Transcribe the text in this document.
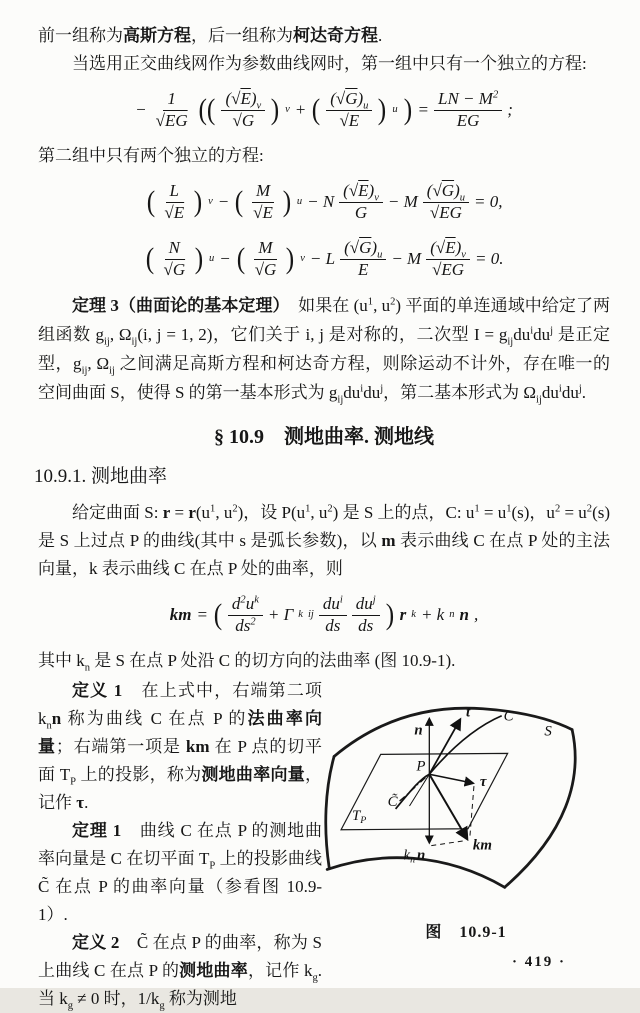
前一组称为高斯方程，后一组称为柯达奇方程.

当选用正交曲线网作为参数曲线网时，第一组中只有一个独立的方程:

− $\frac{1}{√EG}$ (( $\frac{(√E)_v}{√G}$ ) v + ( $\frac{(√G)_u}{√E}$ ) u ) = $\frac{LN - M^2}{EG}$ ;

第二组中只有两个独立的方程:

( $\frac{L}{√E}$ ) v − ( $\frac{M}{√E}$ ) u − N $\frac{(√E)_v}{G} - M \frac{(√G)_u}{√EG} = 0$,
( $\frac{N}{√G}$ ) u − ( $\frac{M}{√G}$ ) v − L $\frac{(√G)_u}{E} - M \frac{(√E)_v}{√EG} = 0$.

定理 3（曲面论的基本定理）　如果在 ($u^1$, $u^2$) 平面的单连通域中给定了两组函数 $g_{ij}$, $\Omega_{ij}(i$, j = 1, 2)，它们关于 i, j 是对称的，二次型 $I = g_{ij}du^idu^j$ 是正定型，$g_{ij}$, $\Omega_{ij}$ 之间满足高斯方程和柯达奇方程，则除运动不计外，存在唯一的空间曲面 S，使得 S 的第一基本形式为 $g_{ij}du^idu^j$，第二基本形式为 $\Omega_{ij}du^idu^j$.

§ 10.9　测地曲率. 测地线
10.9.1. 测地曲率

给定曲面 S: $r = r(u^1$, $u^2$)，设 $P(u^1$, $u^2$) 是 S 上的点，C: $u^1 = u^1(s)$，$u^2 = u^2(s)$ 是 S 上过点 P 的曲线(其中 s 是弧长参数)，以 m 表示曲线 C 在点 P 处的主法向量，k 表示曲线 C 在点 P 处的曲率，则

km = ( $\frac{d^2u^k}{ds^2} + \Gamma$ k ij $\frac{du^i}{ds} \frac{du^j}{ds}$ ) r k + k n n ,

其中 $k_n$ 是 S 在点 P 处沿 C 的切方向的法曲率 (图 10.9-1).

定义 1　在上式中，右端第二项 $k_nn$ 称为曲线 C 在点 P 的法曲率向量；右端第一项是 km 在 P 点的切平面 $T_P$ 上的投影，称为测地曲率向量，记作 τ.

定理 1　曲线 C 在点 P 的测地曲率向量是 C 在切平面 $T_P$ 上的投影曲线 C̃ 在点 P 的曲率向量（参看图 10.9-1）.

定义 2　C̃ 在点 P 的曲率，称为 S 上曲线 C 在点 P 的测地曲率，记作 $k_g$. 当 $k_g \ne 0$ 时，$1/k_g$ 称为测地

n
t C
S
P
$T_P$
τ
C̃
km
$k_n$ n
图　10.9-1
· 419 ·
